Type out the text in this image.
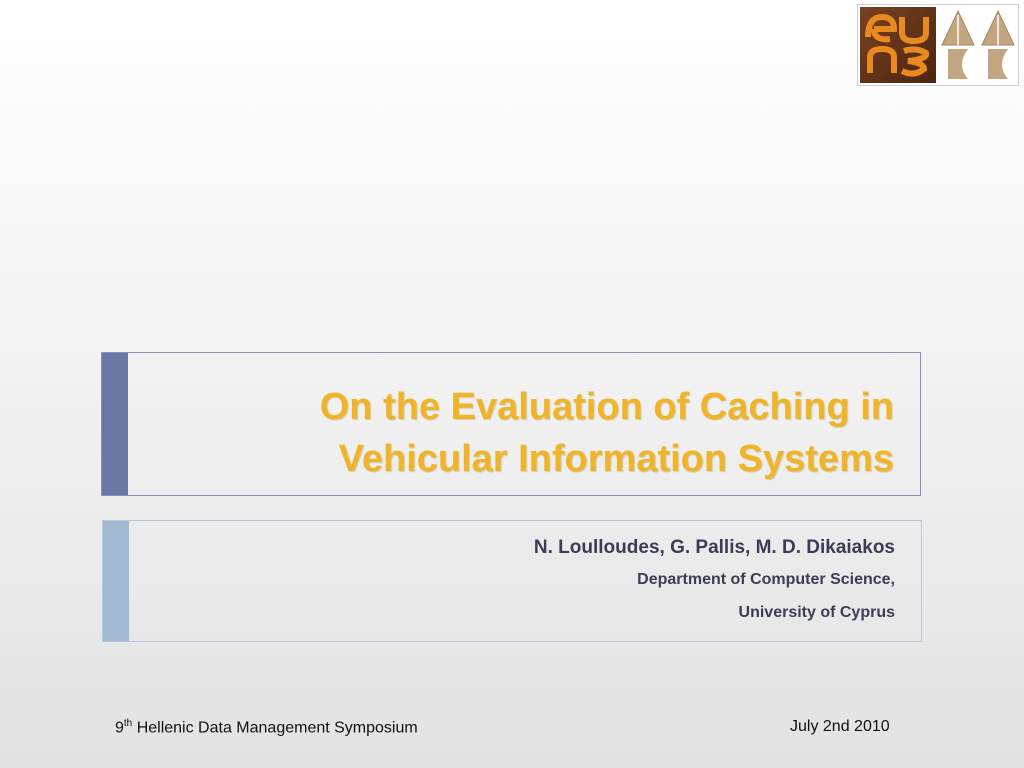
On the Evaluation of Caching in
Vehicular Information Systems
N. Loulloudes, G. Pallis, M. D. Dikaiakos
Department of Computer Science,
University of Cyprus
9th Hellenic Data Management Symposium	July 2nd 2010
